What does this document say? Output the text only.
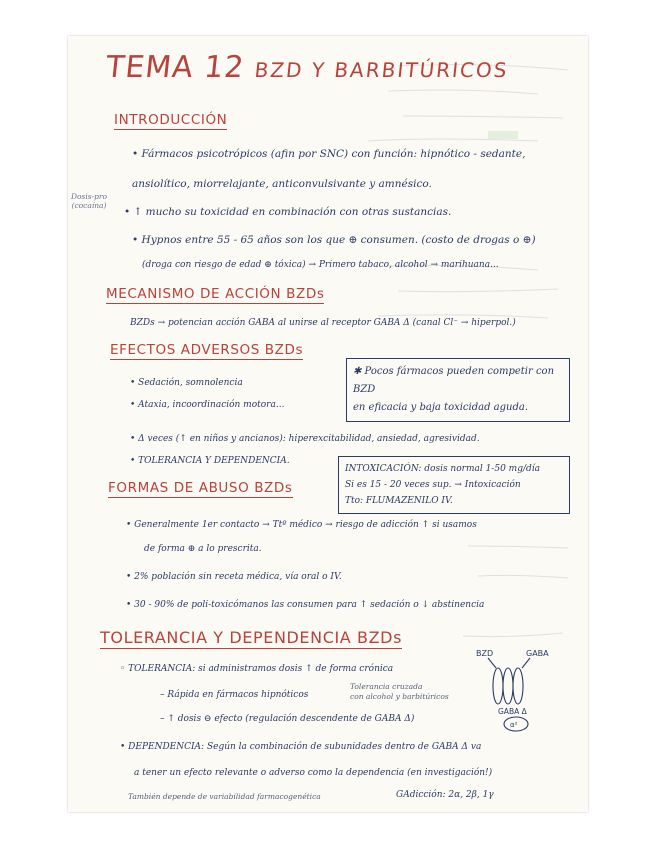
TEMA 12 BZD Y BARBITÚRICOS
INTRODUCCIÓN
• Fármacos psicotrópicos (afin por SNC) con función: hipnótico - sedante,
ansiolítico, miorrelajante, anticonvulsivante y amnésico.
Dosis-pro (cocaína)
• ↑ mucho su toxicidad en combinación con otras sustancias.
• Hypnos entre 55 - 65 años son los que ⊕ consumen. (costo de drogas o ⊕)
(droga con riesgo de edad ⊕ tóxica) → Primero tabaco, alcohol → marihuana...
MECANISMO DE ACCIÓN BZDs
BZDs → potencian acción GABA al unirse al receptor GABA Δ (canal Cl⁻ → hiperpol.)
EFECTOS ADVERSOS BZDs
✱ Pocos fármacos pueden competir con BZD
en eficacia y baja toxicidad aguda.
• Sedación, somnolencia
• Ataxia, incoordinación motora...
• Δ veces (↑ en niños y ancianos): hiperexcitabilidad, ansiedad, agresividad.
• TOLERANCIA Y DEPENDENCIA.
INTOXICACIÓN: dosis normal 1-50 mg/día
Si es 15 - 20 veces sup. → Intoxicación
Tto: FLUMAZENILO IV.
FORMAS DE ABUSO BZDs
• Generalmente 1er contacto → Ttº médico → riesgo de adicción ↑ si usamos
de forma ⊕ a lo prescrita.
• 2% población sin receta médica, vía oral o IV.
• 30 - 90% de poli-toxicómanos las consumen para ↑ sedación o ↓ abstinencia
TOLERANCIA Y DEPENDENCIA BZDs
◦ TOLERANCIA: si administramos dosis ↑ de forma crónica
– Rápida en fármacos hipnóticos
Tolerancia cruzada
con alcohol y barbitúricos
– ↑ dosis ⊖ efecto (regulación descendente de GABA Δ)
BZD	GABA
GABA Δ
α²
• DEPENDENCIA: Según la combinación de subunidades dentro de GABA Δ va
a tener un efecto relevante o adverso como la dependencia (en investigación!)
También depende de variabilidad farmacogenética	GAdicción: 2α, 2β, 1γ
